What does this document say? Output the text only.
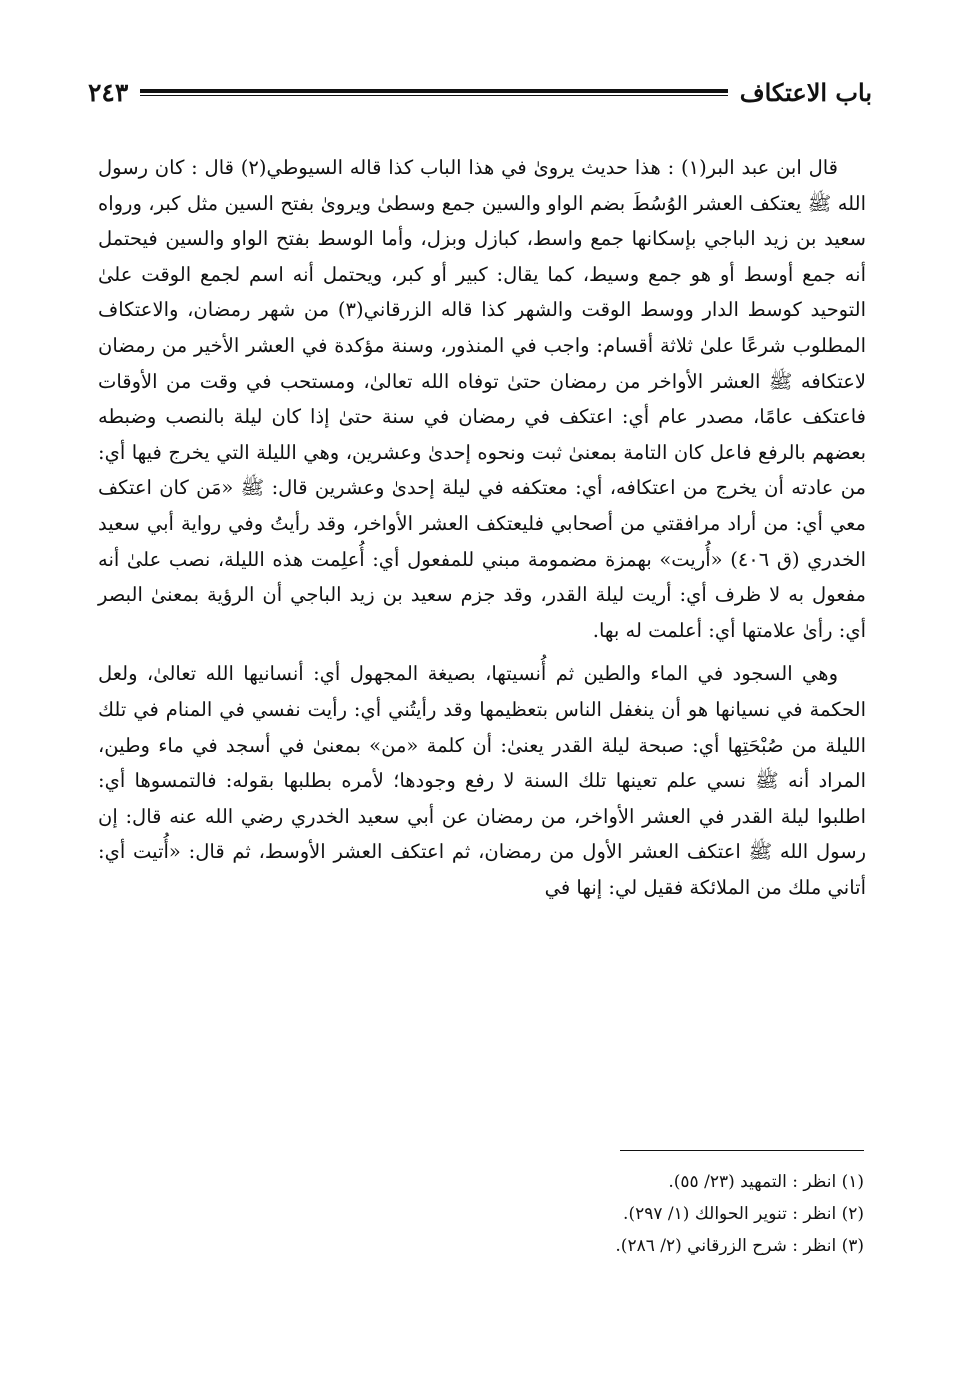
باب الاعتكاف
٢٤٣

قال ابن عبد البر(١) : هذا حديث يروىٰ في هذا الباب كذا قاله السيوطي(٢) قال : كان رسول الله ﷺ يعتكف العشر الوُسُطَ بضم الواو والسين جمع وسطىٰ ويروىٰ بفتح السين مثل كبر، ورواه سعيد بن زيد الباجي بإسكانها جمع واسط، كبازل وبزل، وأما الوسط بفتح الواو والسين فيحتمل أنه جمع أوسط أو هو جمع وسيط، كما يقال: كبير أو كبر، ويحتمل أنه اسم لجمع الوقت علىٰ التوحيد كوسط الدار ووسط الوقت والشهر كذا قاله الزرقاني(٣) من شهر رمضان، والاعتكاف المطلوب شرعًا علىٰ ثلاثة أقسام: واجب في المنذور، وسنة مؤكدة في العشر الأخير من رمضان لاعتكافه ﷺ العشر الأواخر من رمضان حتىٰ توفاه الله تعالىٰ، ومستحب في وقت من الأوقات فاعتكف عامًا، مصدر عام أي: اعتكف في رمضان في سنة حتىٰ إذا كان ليلة بالنصب وضبطه بعضهم بالرفع فاعل كان التامة بمعنىٰ ثبت ونحوه إحدىٰ وعشرين، وهي الليلة التي يخرج فيها أي: من عادته أن يخرج من اعتكافه، أي: معتكفه في ليلة إحدىٰ وعشرين قال: ﷺ «مَن كان اعتكف معي أي: من أراد مرافقتي من أصحابي فليعتكف العشر الأواخر، وقد رأيتُ وفي رواية أبي سعيد الخدري (ق ٤٠٦) «أُريت» بهمزة مضمومة مبني للمفعول أي: أُعلِمت هذه الليلة، نصب علىٰ أنه مفعول به لا ظرف أي: أريت ليلة القدر، وقد جزم سعيد بن زيد الباجي أن الرؤية بمعنىٰ البصر أي: رأىٰ علامتها أي: أعلمت له بها.

وهي السجود في الماء والطين ثم أُنسيتها، بصيغة المجهول أي: أنسانيها الله تعالىٰ، ولعل الحكمة في نسيانها هو أن ينغفل الناس بتعظيمها وقد رأيتُني أي: رأيت نفسي في المنام في تلك الليلة من صُبْحَتِها أي: صبحة ليلة القدر يعنىٰ: أن كلمة «من» بمعنىٰ في أسجد في ماء وطين، المراد أنه ﷺ نسي علم تعينها تلك السنة لا رفع وجودها؛ لأمره بطلبها بقوله: فالتمسوها أي: اطلبوا ليلة القدر في العشر الأواخر، من رمضان عن أبي سعيد الخدري رضي الله عنه قال: إن رسول الله ﷺ اعتكف العشر الأول من رمضان، ثم اعتكف العشر الأوسط، ثم قال: «أُتيت أي: أتاني ملك من الملائكة فقيل لي: إنها في

(١) انظر : التمهيد (٢٣/ ٥٥).
(٢) انظر : تنوير الحوالك (١/ ٢٩٧).
(٣) انظر : شرح الزرقاني (٢/ ٢٨٦).
